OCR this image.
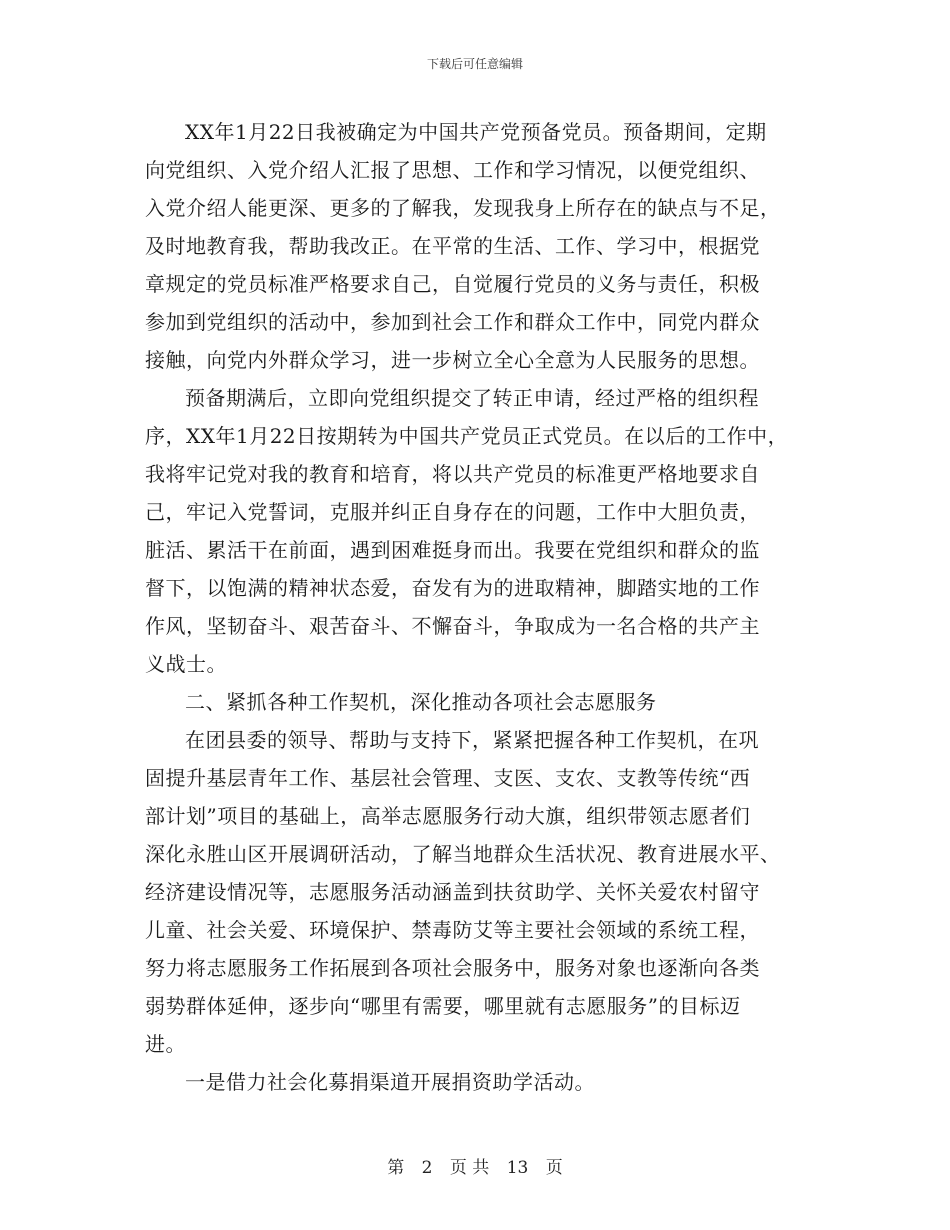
下载后可任意编辑
XX年1月22日我被确定为中国共产党预备党员。预备期间，定期
向党组织、入党介绍人汇报了思想、工作和学习情况，以便党组织、
入党介绍人能更深、更多的了解我，发现我身上所存在的缺点与不足，
及时地教育我，帮助我改正。在平常的生活、工作、学习中，根据党
章规定的党员标准严格要求自己，自觉履行党员的义务与责任，积极
参加到党组织的活动中，参加到社会工作和群众工作中，同党内群众
接触，向党内外群众学习，进一步树立全心全意为人民服务的思想。
预备期满后，立即向党组织提交了转正申请，经过严格的组织程
序，XX年1月22日按期转为中国共产党员正式党员。在以后的工作中，
我将牢记党对我的教育和培育，将以共产党员的标准更严格地要求自
己，牢记入党誓词，克服并纠正自身存在的问题，工作中大胆负责，
脏活、累活干在前面，遇到困难挺身而出。我要在党组织和群众的监
督下，以饱满的精神状态爱，奋发有为的进取精神，脚踏实地的工作
作风，坚韧奋斗、艰苦奋斗、不懈奋斗，争取成为一名合格的共产主
义战士。
二、紧抓各种工作契机，深化推动各项社会志愿服务
在团县委的领导、帮助与支持下，紧紧把握各种工作契机，在巩
固提升基层青年工作、基层社会管理、支医、支农、支教等传统“西
部计划”项目的基础上，高举志愿服务行动大旗，组织带领志愿者们
深化永胜山区开展调研活动，了解当地群众生活状况、教育进展水平、
经济建设情况等，志愿服务活动涵盖到扶贫助学、关怀关爱农村留守
儿童、社会关爱、环境保护、禁毒防艾等主要社会领域的系统工程，
努力将志愿服务工作拓展到各项社会服务中，服务对象也逐渐向各类
弱势群体延伸，逐步向“哪里有需要，哪里就有志愿服务”的目标迈
进。
一是借力社会化募捐渠道开展捐资助学活动。
第 2 页 共 13 页
